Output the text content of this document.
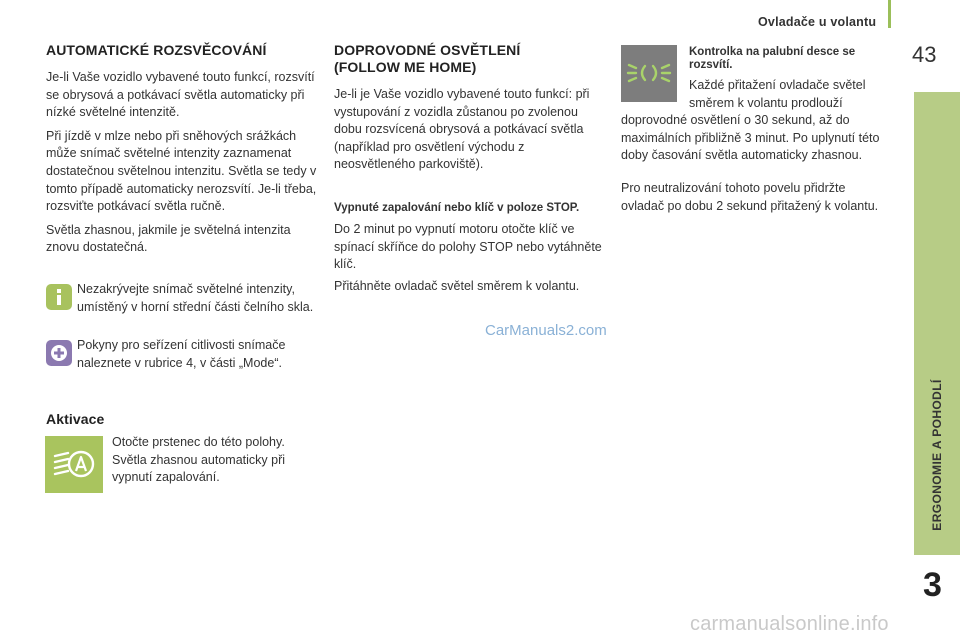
Ovladače u volantu
43
ERGONOMIE A POHODLÍ
3
AUTOMATICKÉ ROZSVĚCOVÁNÍ

Je-li Vaše vozidlo vybavené touto funkcí, rozsvítí se obrysová a potkávací světla automaticky při nízké světelné intenzitě.

Při jízdě v mlze nebo při sněhových srážkách může snímač světelné intenzity zaznamenat dostatečnou světelnou intenzitu. Světla se tedy v tomto případě automaticky nerozsvítí. Je-li třeba, rozsviťte potkávací světla ručně.

Světla zhasnou, jakmile je světelná intenzita znovu dostatečná.

Nezakrývejte snímač světelné intenzity, umístěný v horní střední části čelního skla.

Pokyny pro seřízení citlivosti snímače naleznete v rubrice 4, v části „Mode“.

Aktivace

Otočte prstenec do této polohy. Světla zhasnou automaticky při vypnutí zapalování.

DOPROVODNÉ OSVĚTLENÍ (FOLLOW ME HOME)

Je-li je Vaše vozidlo vybavené touto funkcí: při vystupování z vozidla zůstanou po zvolenou dobu rozsvícená obrysová a potkávací světla (například pro osvětlení východu z neosvětleného parkoviště).

Vypnuté zapalování nebo klíč v poloze STOP.

Do 2 minut po vypnutí motoru otočte klíč ve spínací skříňce do polohy STOP nebo vytáhněte klíč.

Přitáhněte ovladač světel směrem k volantu.

Kontrolka na palubní desce se rozsvítí.

Každé přitažení ovladače světel směrem k volantu prodlouží

doprovodné osvětlení o 30 sekund, až do maximálních přibližně 3 minut. Po uplynutí této doby časování světla automaticky zhasnou.

Pro neutralizování tohoto povelu přidržte ovladač po dobu 2 sekund přitažený k volantu.

CarManuals2.com
carmanualsonline.info
